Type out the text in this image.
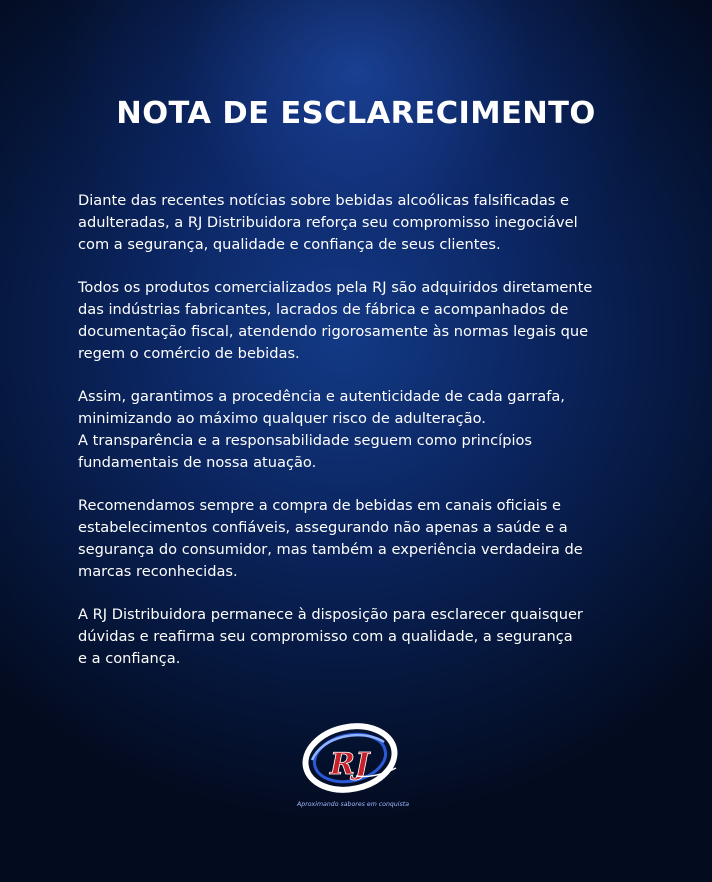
NOTA DE ESCLARECIMENTO

Diante das recentes notícias sobre bebidas alcoólicas falsificadas e
adulteradas, a RJ Distribuidora reforça seu compromisso inegociável
com a segurança, qualidade e confiança de seus clientes.

Todos os produtos comercializados pela RJ são adquiridos diretamente
das indústrias fabricantes, lacrados de fábrica e acompanhados de
documentação fiscal, atendendo rigorosamente às normas legais que
regem o comércio de bebidas.

Assim, garantimos a procedência e autenticidade de cada garrafa,
minimizando ao máximo qualquer risco de adulteração.
A transparência e a responsabilidade seguem como princípios
fundamentais de nossa atuação.

Recomendamos sempre a compra de bebidas em canais oficiais e
estabelecimentos confiáveis, assegurando não apenas a saúde e a
segurança do consumidor, mas também a experiência verdadeira de
marcas reconhecidas.

A RJ Distribuidora permanece à disposição para esclarecer quaisquer
dúvidas e reafirma seu compromisso com a qualidade, a segurança
e a confiança.

RJ
Aproximando sabores em conquista
